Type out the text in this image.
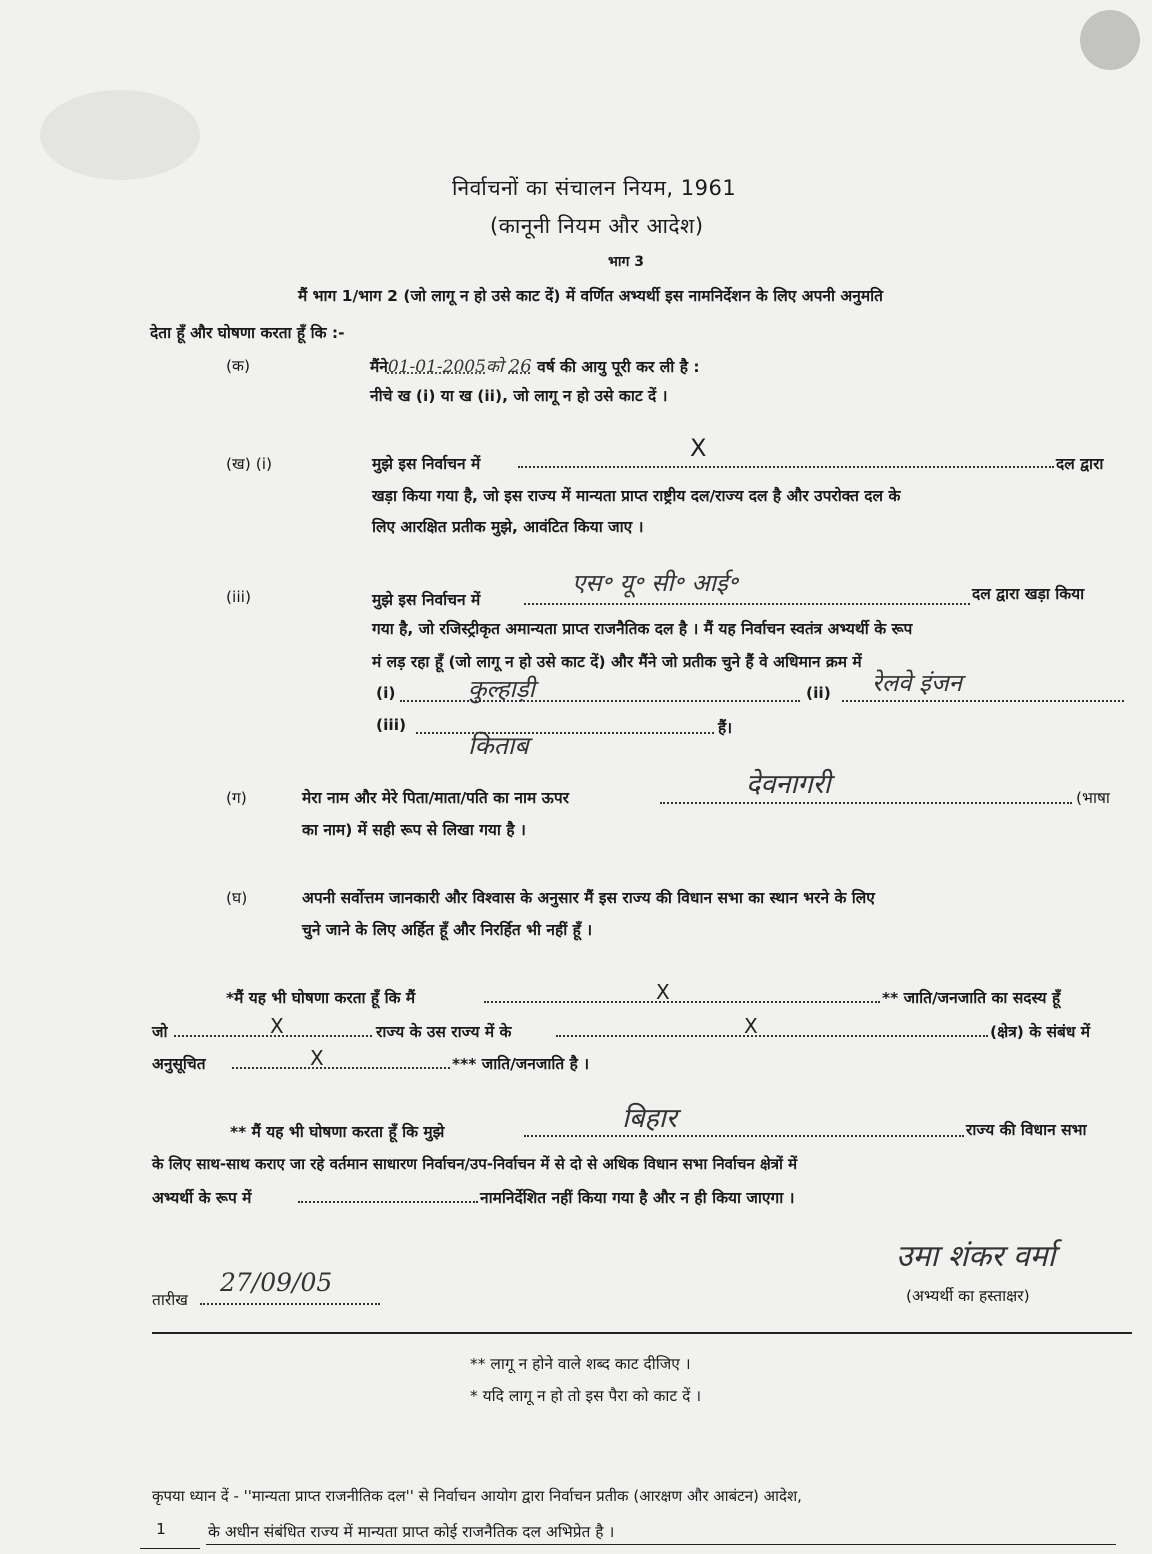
निर्वाचनों का संचालन नियम, 1961
(कानूनी नियम और आदेश)
भाग 3
मैं भाग 1/भाग 2 (जो लागू न हो उसे काट दें) में वर्णित अभ्यर्थी इस नामनिर्देशन के लिए अपनी अनुमति
देता हूँ और घोषणा करता हूँ कि :-
(क)	मैंने01-01-2005को 26 वर्ष की आयु पूरी कर ली है :
नीचे ख (i) या ख (ii), जो लागू न हो उसे काट दें ।
(ख) (i)	मुझे इस निर्वाचन में
X
दल द्वारा
खड़ा किया गया है, जो इस राज्य में मान्यता प्राप्त राष्ट्रीय दल/राज्य दल है और उपरोक्त दल के
लिए आरक्षित प्रतीक मुझे, आवंटित किया जाए ।
(iii)	मुझे इस निर्वाचन में
एस॰ यू॰ सी॰ आई॰	दल द्वारा खड़ा किया
गया है, जो रजिस्ट्रीकृत अमान्यता प्राप्त राजनैतिक दल है । मैं यह निर्वाचन स्वतंत्र अभ्यर्थी के रूप
मं लड़ रहा हूँ (जो लागू न हो उसे काट दें) और मैंने जो प्रतीक चुने हैं वे अधिमान क्रम में
(i)	कुल्हाड़ी	(ii) रेलवे इंजन
(iii)
किताब
हैं।
(ग)	मेरा नाम और मेरे पिता/माता/पति का नाम ऊपर	देवनागरी	(भाषा
का नाम) में सही रूप से लिखा गया है ।
(घ)	अपनी सर्वोत्तम जानकारी और विश्वास के अनुसार मैं इस राज्य की विधान सभा का स्थान भरने के लिए
चुने जाने के लिए अर्हित हूँ और निरर्हित भी नहीं हूँ ।
*मैं यह भी घोषणा करता हूँ कि मैं	X	** जाति/जनजाति का सदस्य हूँ
जो	X	राज्य के उस राज्य में के	X	(क्षेत्र) के संबंध में
अनुसूचित	X	*** जाति/जनजाति है ।
** मैं यह भी घोषणा करता हूँ कि मुझे	बिहार	राज्य की विधान सभा
के लिए साथ-साथ कराए जा रहे वर्तमान साधारण निर्वाचन/उप-निर्वाचन में से दो से अधिक विधान सभा निर्वाचन क्षेत्रों में
अभ्यर्थी के रूप में	नामनिर्देशित नहीं किया गया है और न ही किया जाएगा ।
तारीख
27/09/05
उमा शंकर वर्मा
(अभ्यर्थी का हस्ताक्षर)
** लागू न होने वाले शब्द काट दीजिए ।
* यदि लागू न हो तो इस पैरा को काट दें ।
कृपया ध्यान दें - ''मान्यता प्राप्त राजनीतिक दल'' से निर्वाचन आयोग द्वारा निर्वाचन प्रतीक (आरक्षण और आबंटन) आदेश,
1	के अधीन संबंधित राज्य में मान्यता प्राप्त कोई राजनैतिक दल अभिप्रेत है ।
